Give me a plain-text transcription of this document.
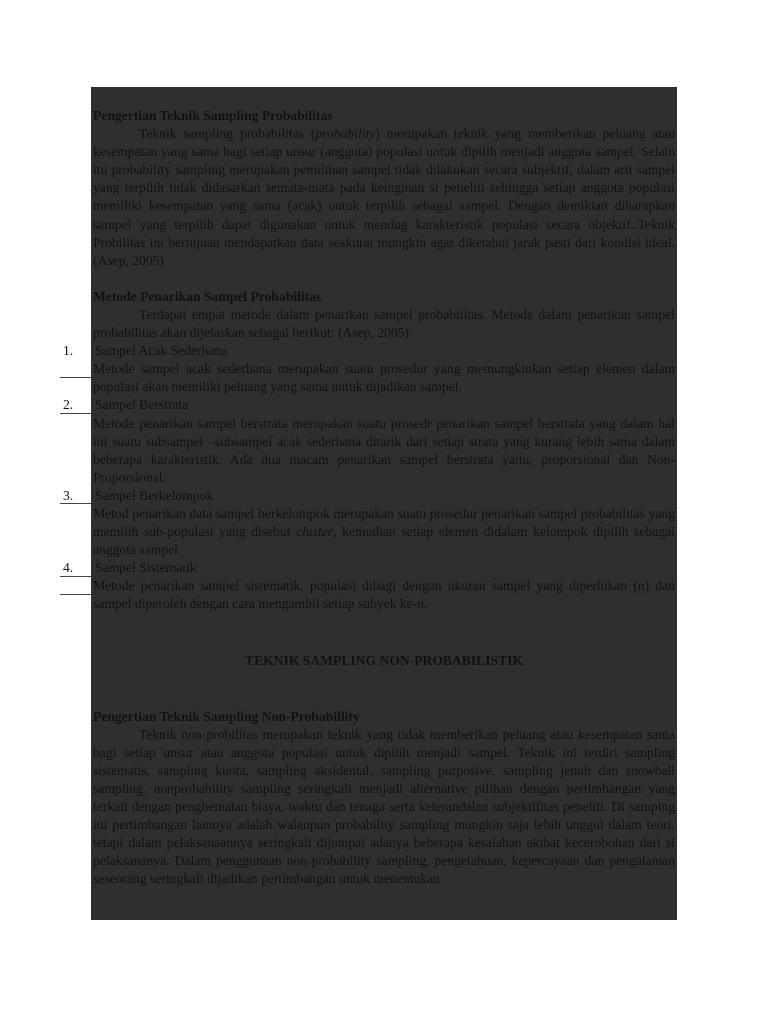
Pengertian Teknik Sampling Probabilitas

Teknik sampling probabilitas (probability) merupakan teknik yang memberikan peluang atau kesempatan yang sama bagi setiap unsur (anggota) populasi untuk dipilih menjadi anggota sampel. Selain itu probability sampling merupakan pemilihan sampel tidak dilakukan secara subjektif, dalam arti sampel yang terpilih tidak didasarkan semata-mata pada keinginan si peneliti sehingga setiap anggota populasi memiliki kesempatan yang sama (acak) untuk terpilih sebagai sampel. Dengan demikian diharapkan sampel yang terpilih dapat digunakan untuk mendug karakteristik populasi secara objektif..Teknik Probilitas ini bertujuan mendapatkan data seakurat mungkin agar diketahui jarak pasti dari kondisi ideal. (Asep, 2005)

Metode Penarikan Sampel Probabilitas

Terdapat empat metode dalam penarikan sampel probabilitas. Metode dalam penarikan sampel probabilitas akan dijelaskan sebagai berikut: (Asep, 2005)

1.	Sampel Acak Sederhana

Metode sampel acak sederhana merupakan suatu prosedur yang memungkinkan setiap elemen dalam populasi akan memiliki peluang yang sama untuk dijadikan sampel.

2.	Sampel Berstrata

Metode penarikan sampel berstrata merupakan suatu prosedr penarikan sampel berstrata yang dalam hal ini suatu subsampel –subsampel acak sederhana ditarik dari setiap strata yang kurang lebih sama dalam beberapa karakteristik. Ada dua macam penarikan sampel berstrata yaitu, proporsional dan Non-Proporsional.

3.	Sampel Berkelompok

Metod penarikan data sampel berkelompok merupakan suatu prosedur penarikan sampel probabilitas yang memilih sub-populasi yang disebut cluster, kemudian setiap elemen didalam kelompok dipilih sebagai anggota sampel

4.	Sampel Sistematik

Metode penarikan sampel sistematik, populasi dibagi dengan ukuran sampel yang diperlukan (n) dan sampel diperoleh dengan cara mengambil setiap subyek ke-n.

TEKNIK SAMPLING NON-PROBABILISTIK

Pengertian Teknik Sampling Non-Probabillity

Teknik non-probilitas merupakan teknik yang tidak memberikan peluang atau kesempatan sama bagi setiap unsur atau anggota populasi untuk dipilih menjadi sampel. Teknik ini terdiri sampling sistematis, sampling kuota, sampling aksidental, sampling purposive, sampling jenuh dan snowball sampling. nonprobability sampling seringkali menjadi alternative pilihan dengan pertimbangan yang terkait dengan penghematan biaya, waktu dan tenaga serta keterandalan subjektifitas peneliti. Di samping itu pertimbangan lainnya adalah walaupun probability sampling mungkin saja lebih unggul dalam teori, tetapi dalam pelaksanaannya seringkali dijumpai adanya beberapa kesalahan akibat kecerobohan dari si pelaksananya. Dalam penggunaan non-probability sampling, pengetahuan, kepercayaan dan pengalaman seseorang seringkali dijadikan pertimbangan untuk menentukan
